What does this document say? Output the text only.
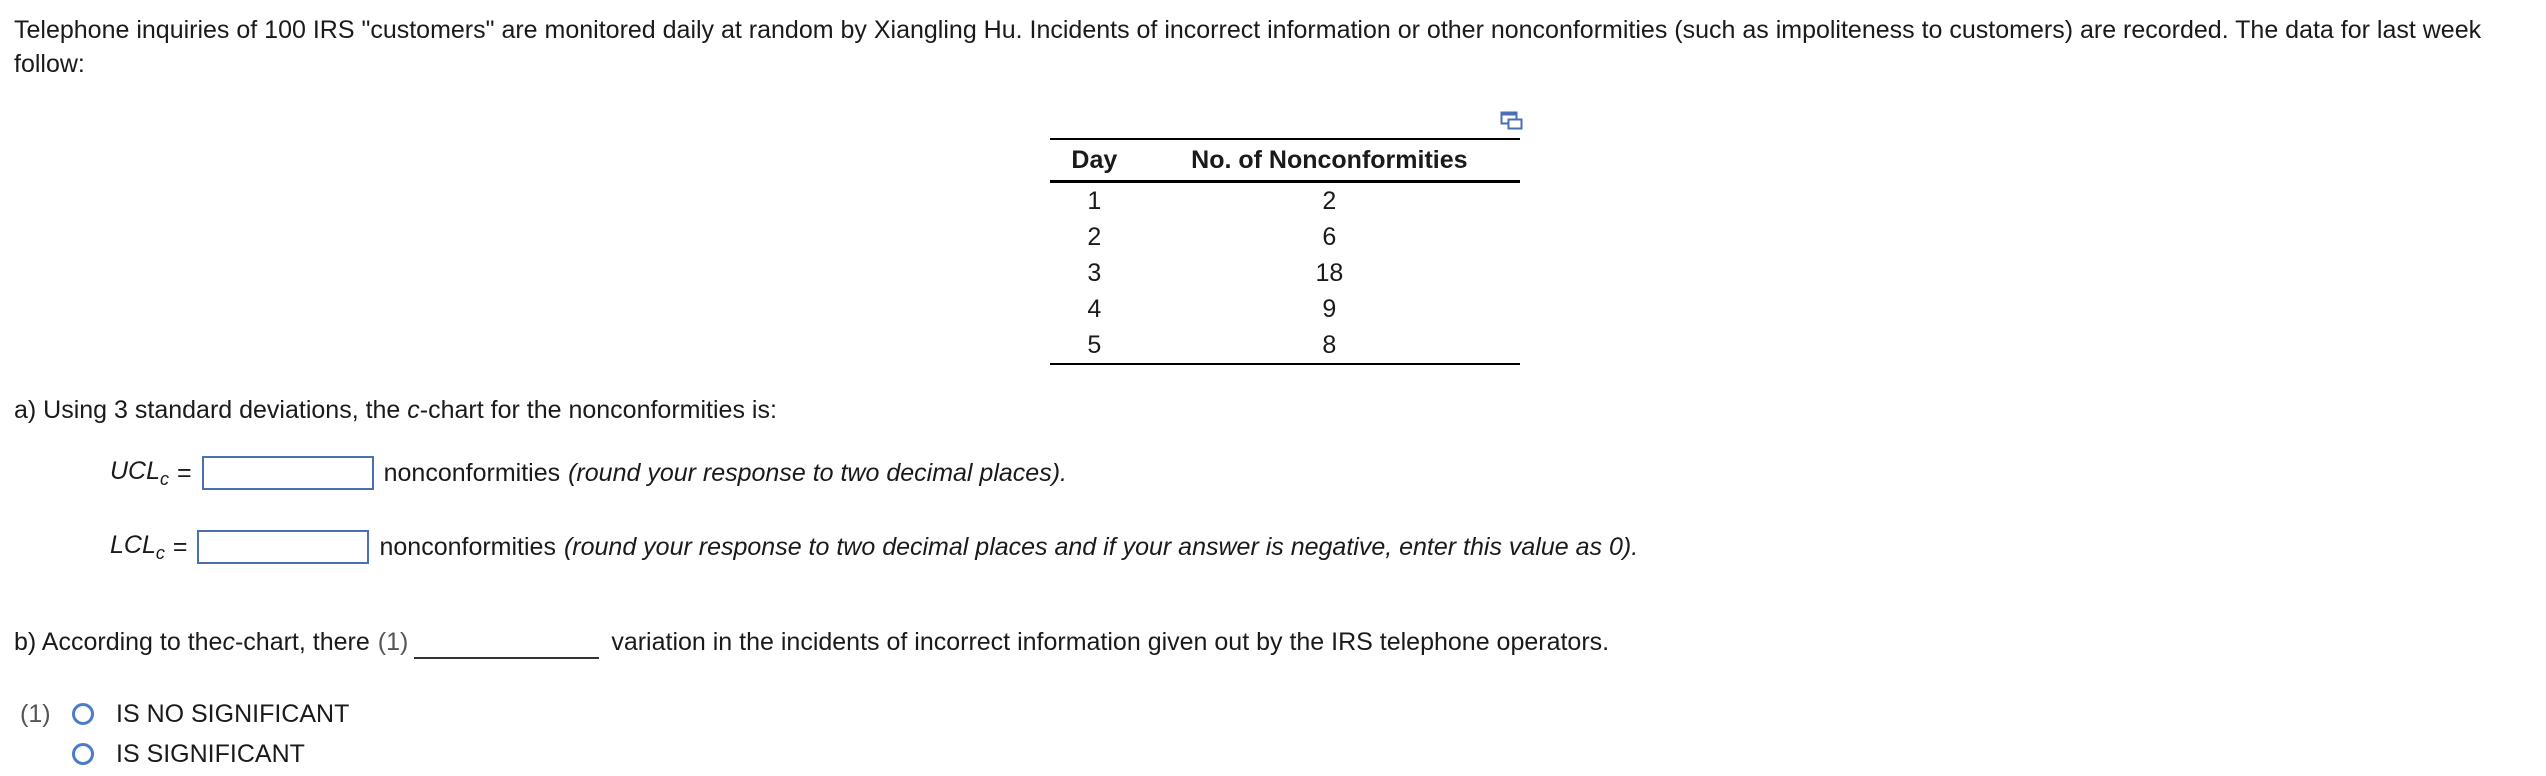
Telephone inquiries of 100 IRS "customers" are monitored daily at random by Xiangling Hu. Incidents of incorrect information or other nonconformities (such as impoliteness to customers) are recorded. The data for last week follow:
Day	No. of Nonconformities
1	2
2	6
3	18
4	9
5	8
a) Using 3 standard deviations, the c-chart for the nonconformities is:
$UCL_c$ =	nonconformities (round your response to two decimal places).
$LCL_c$ =	nonconformities (round your response to two decimal places and if your answer is negative, enter this value as 0).
b) According to the c -chart, there (1)	variation in the incidents of incorrect information given out by the IRS telephone operators.
(1)	IS NO SIGNIFICANT
IS SIGNIFICANT
